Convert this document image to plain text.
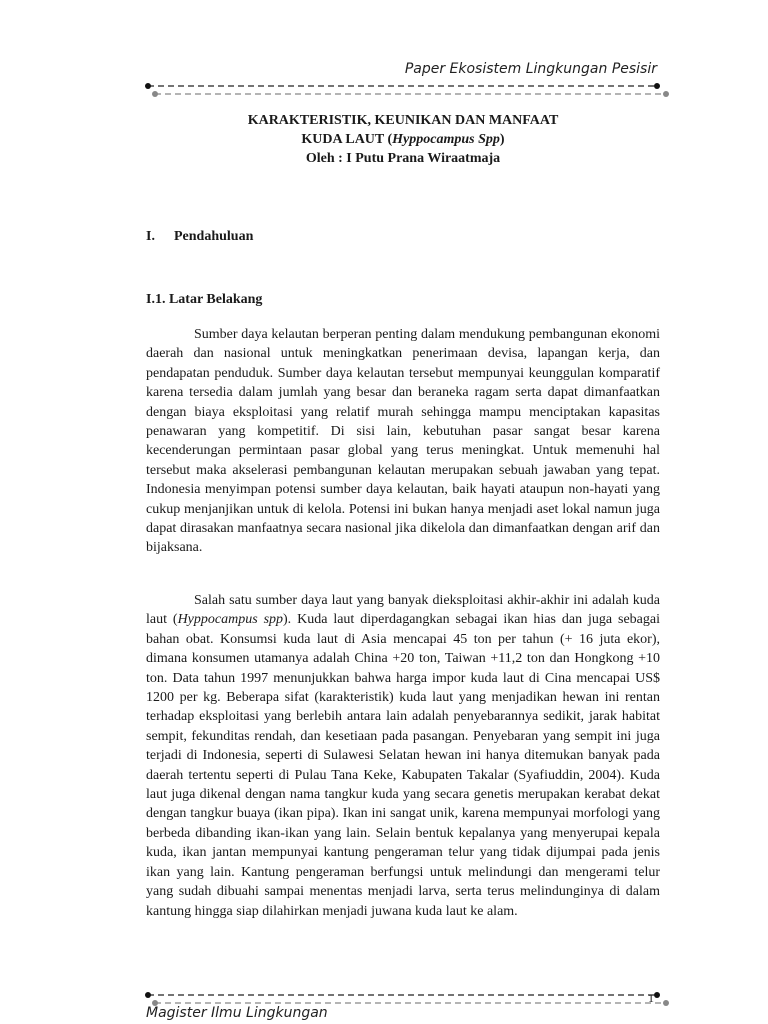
Paper Ekosistem Lingkungan Pesisir
KARAKTERISTIK, KEUNIKAN DAN MANFAAT
KUDA LAUT (Hyppocampus Spp)
Oleh : I Putu Prana Wiraatmaja
I. Pendahuluan
I.1. Latar Belakang

Sumber daya kelautan berperan penting dalam mendukung pembangunan ekonomi daerah dan nasional untuk meningkatkan penerimaan devisa, lapangan kerja, dan pendapatan penduduk. Sumber daya kelautan tersebut mempunyai keunggulan komparatif karena tersedia dalam jumlah yang besar dan beraneka ragam serta dapat dimanfaatkan dengan biaya eksploitasi yang relatif murah sehingga mampu menciptakan kapasitas penawaran yang kompetitif. Di sisi lain, kebutuhan pasar sangat besar karena kecenderungan permintaan pasar global yang terus meningkat. Untuk memenuhi hal tersebut maka akselerasi pembangunan kelautan merupakan sebuah jawaban yang tepat. Indonesia menyimpan potensi sumber daya kelautan, baik hayati ataupun non-hayati yang cukup menjanjikan untuk di kelola. Potensi ini bukan hanya menjadi aset lokal namun juga dapat dirasakan manfaatnya secara nasional jika dikelola dan dimanfaatkan dengan arif dan bijaksana.

Salah satu sumber daya laut yang banyak dieksploitasi akhir-akhir ini adalah kuda laut (Hyppocampus spp). Kuda laut diperdagangkan sebagai ikan hias dan juga sebagai bahan obat. Konsumsi kuda laut di Asia mencapai 45 ton per tahun (+ 16 juta ekor), dimana konsumen utamanya adalah China +20 ton, Taiwan +11,2 ton dan Hongkong +10 ton. Data tahun 1997 menunjukkan bahwa harga impor kuda laut di Cina mencapai US$ 1200 per kg. Beberapa sifat (karakteristik) kuda laut yang menjadikan hewan ini rentan terhadap eksploitasi yang berlebih antara lain adalah penyebarannya sedikit, jarak habitat sempit, fekunditas rendah, dan kesetiaan pada pasangan. Penyebaran yang sempit ini juga terjadi di Indonesia, seperti di Sulawesi Selatan hewan ini hanya ditemukan banyak pada daerah tertentu seperti di Pulau Tana Keke, Kabupaten Takalar (Syafiuddin, 2004). Kuda laut juga dikenal dengan nama tangkur kuda yang secara genetis merupakan kerabat dekat dengan tangkur buaya (ikan pipa). Ikan ini sangat unik, karena mempunyai morfologi yang berbeda dibanding ikan-ikan yang lain. Selain bentuk kepalanya yang menyerupai kepala kuda, ikan jantan mempunyai kantung pengeraman telur yang tidak dijumpai pada jenis ikan yang lain. Kantung pengeraman berfungsi untuk melindungi dan mengerami telur yang sudah dibuahi sampai menentas menjadi larva, serta terus melindunginya di dalam kantung hingga siap dilahirkan menjadi juwana kuda laut ke alam.

1
Magister Ilmu Lingkungan
